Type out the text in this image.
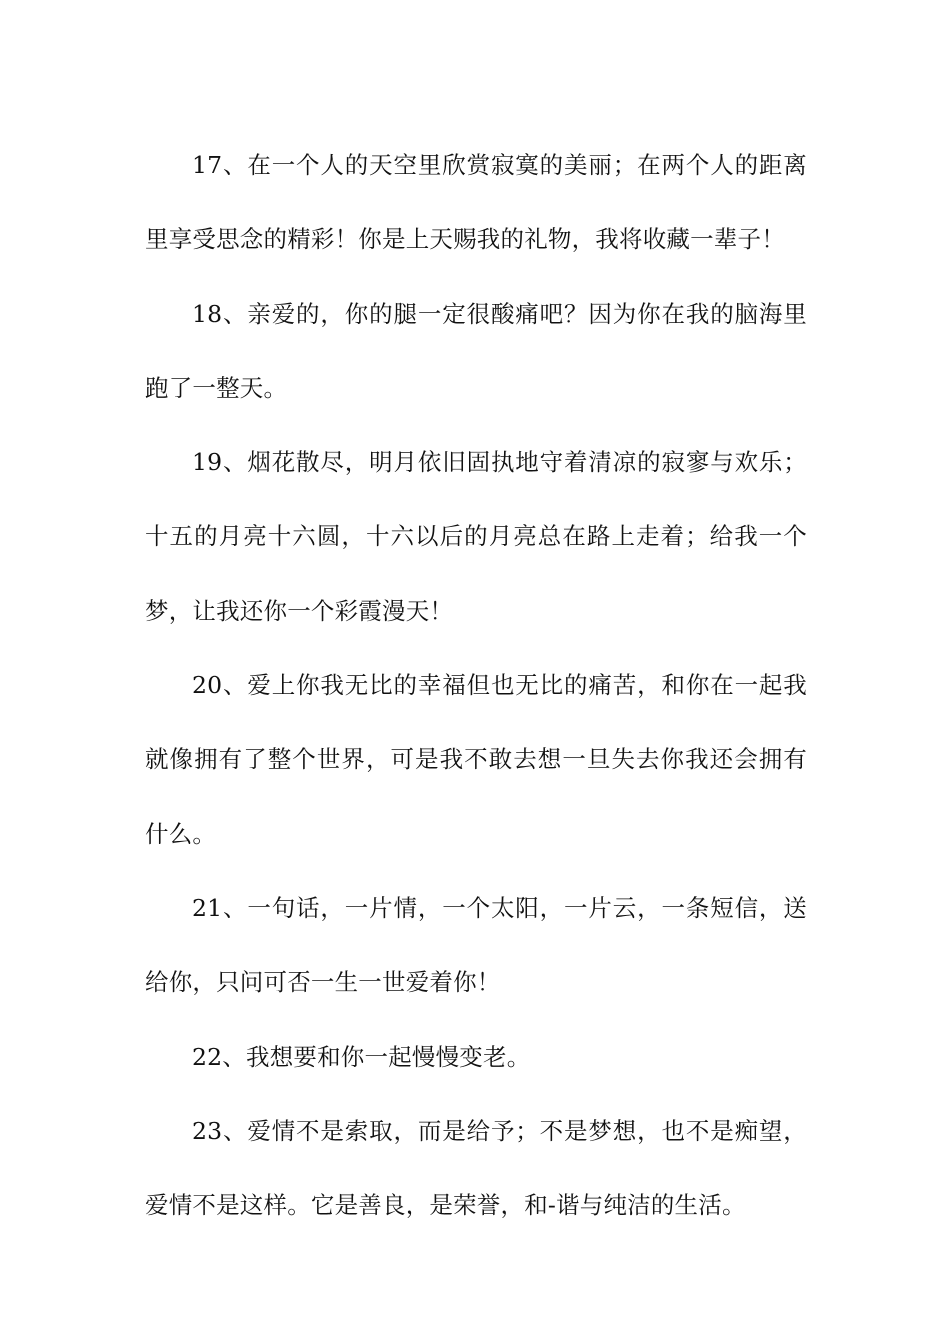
17、在一个人的天空里欣赏寂寞的美丽；在两个人的距离里享受思念的精彩！你是上天赐我的礼物，我将收藏一辈子！

18、亲爱的，你的腿一定很酸痛吧？因为你在我的脑海里跑了一整天。

19、烟花散尽，明月依旧固执地守着清凉的寂寥与欢乐；十五的月亮十六圆，十六以后的月亮总在路上走着；给我一个梦，让我还你一个彩霞漫天！

20、爱上你我无比的幸福但也无比的痛苦，和你在一起我就像拥有了整个世界，可是我不敢去想一旦失去你我还会拥有什么。

21、一句话，一片情，一个太阳，一片云，一条短信，送给你，只问可否一生一世爱着你！

22、我想要和你一起慢慢变老。

23、爱情不是索取，而是给予；不是梦想，也不是痴望，爱情不是这样。它是善良，是荣誉，和-谐与纯洁的生活。
